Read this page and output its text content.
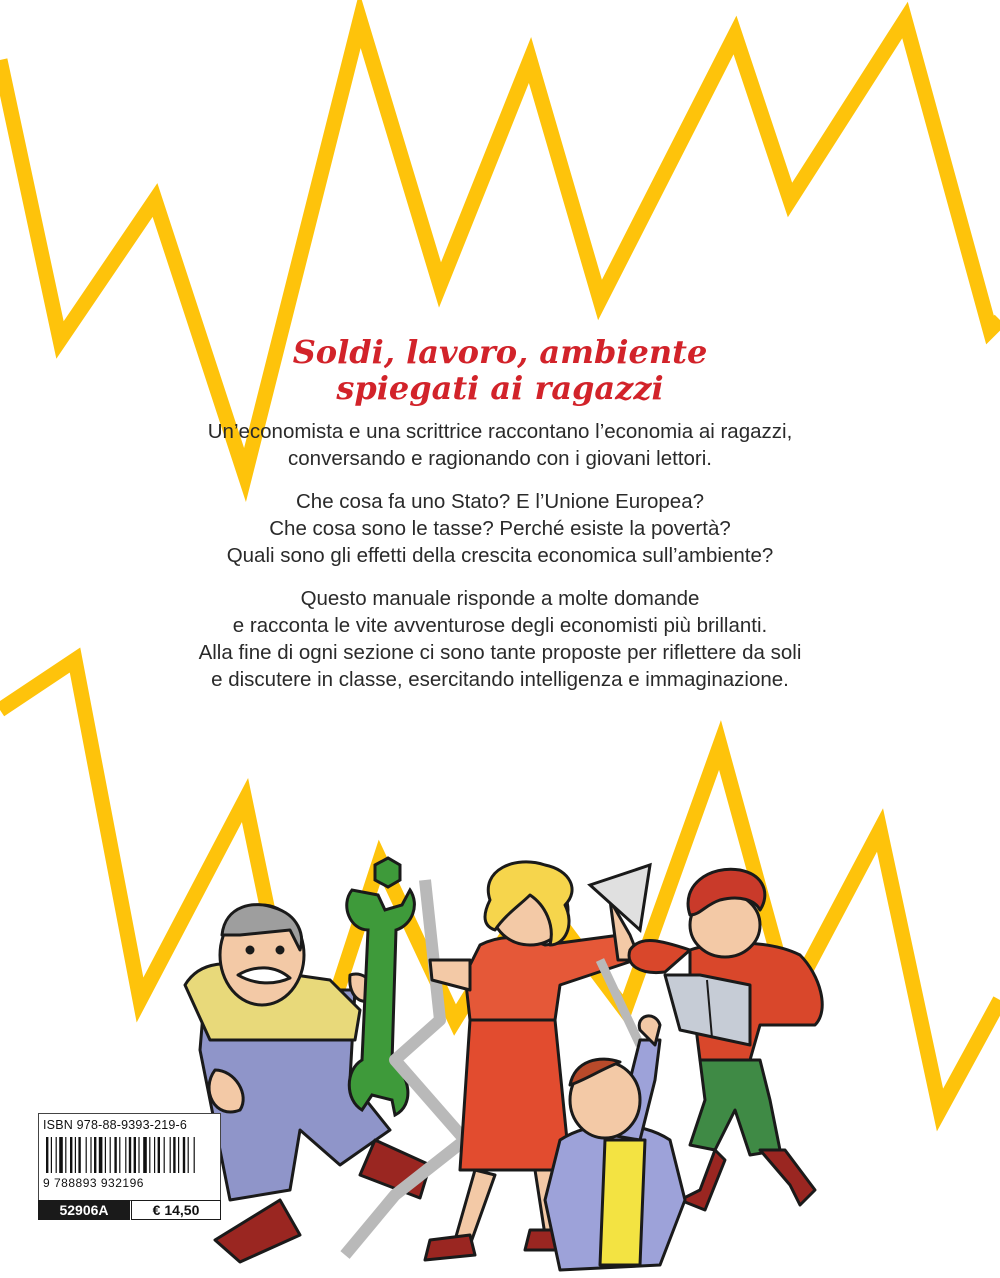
Soldi, lavoro, ambiente
spiegati ai ragazzi

Un’economista e una scrittrice raccontano l’economia ai ragazzi,
conversando e ragionando con i giovani lettori.

Che cosa fa uno Stato? E l’Unione Europea?
Che cosa sono le tasse? Perché esiste la povertà?
Quali sono gli effetti della crescita economica sull’ambiente?

Questo manuale risponde a molte domande
e racconta le vite avventurose degli economisti più brillanti.
Alla fine di ogni sezione ci sono tante proposte per riflettere da soli
e discutere in classe, esercitando intelligenza e immaginazione.

ISBN 978-88-9393-219-6
9 788893 932196
52906A	€ 14,50
